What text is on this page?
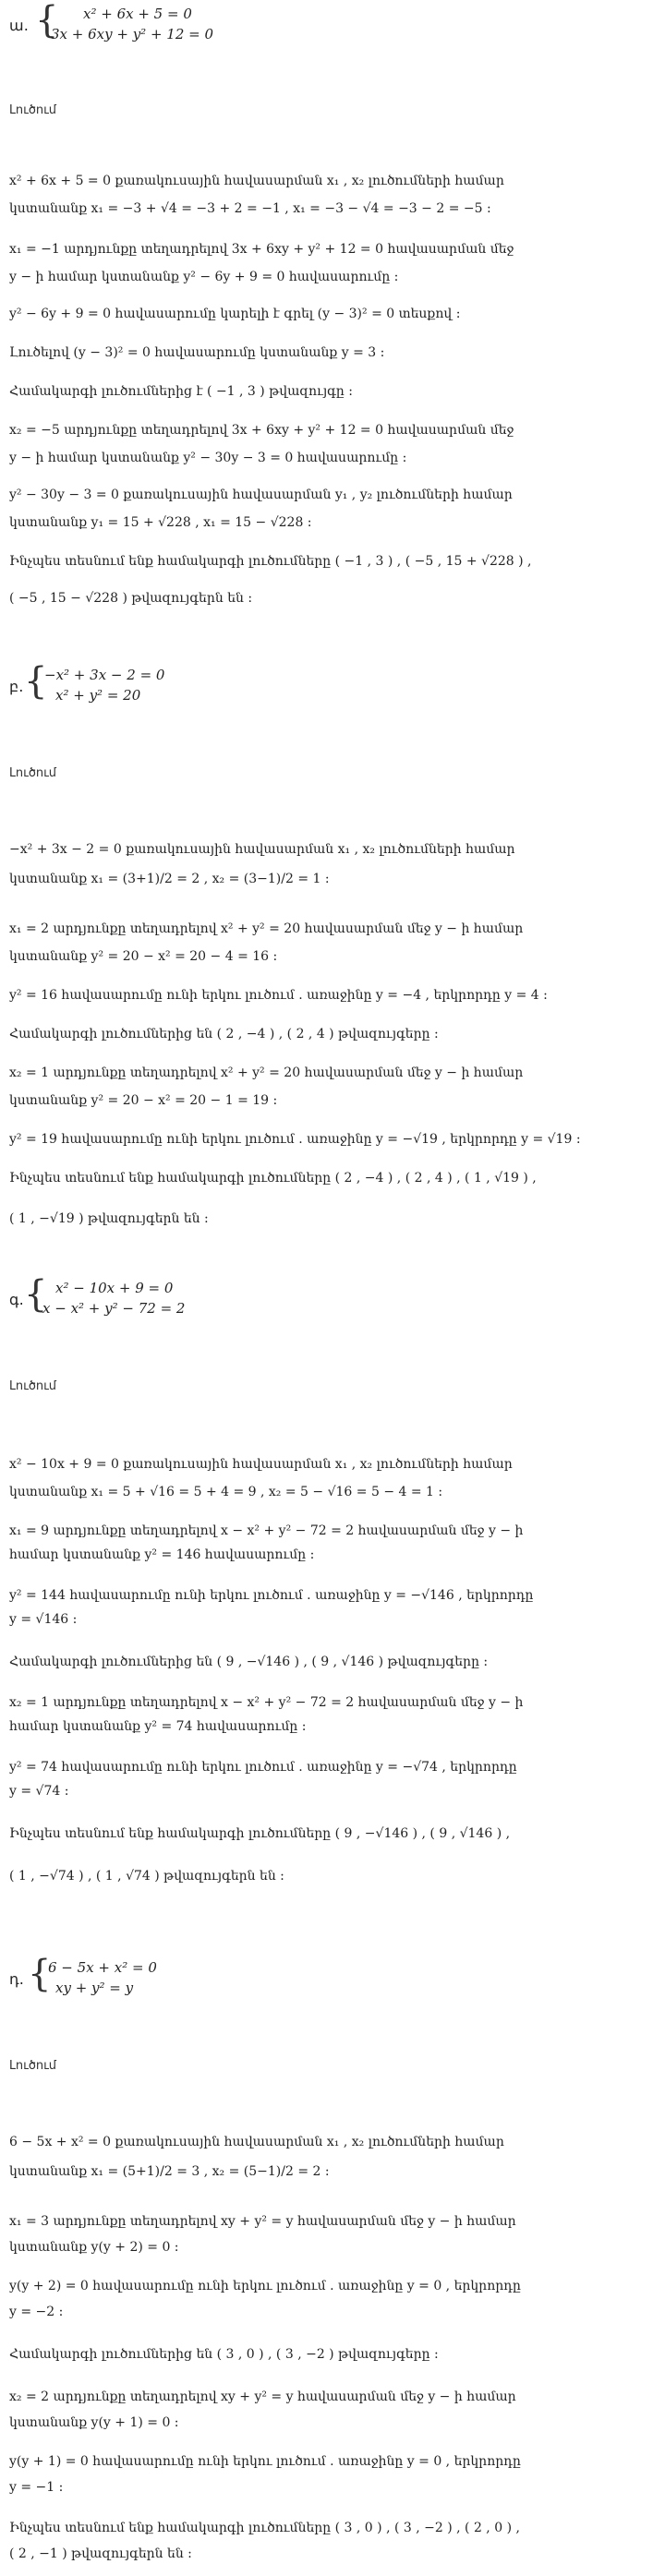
ա․ { x² + 6x + 5 = 0
3x + 6xy + y² + 12 = 0
Լուծում
x² + 6x + 5 = 0 քառակուսային հավասարման x₁ , x₂ լուծումների համար
կստանանք x₁ = −3 + √4 = −3 + 2 = −1 , x₁ = −3 − √4 = −3 − 2 = −5 :
x₁ = −1 արդյունքը տեղադրելով 3x + 6xy + y² + 12 = 0 հավասարման մեջ
y − ի համար կստանանք y² − 6y + 9 = 0 հավասարումը :
y² − 6y + 9 = 0 հավասարումը կարելի է գրել (y − 3)² = 0 տեսքով :
Լուծելով (y − 3)² = 0 հավասարումը կստանանք y = 3 :
Համակարգի լուծումներից է ( −1 , 3 ) թվազույգը :
x₂ = −5 արդյունքը տեղադրելով 3x + 6xy + y² + 12 = 0 հավասարման մեջ
y − ի համար կստանանք y² − 30y − 3 = 0 հավասարումը :
y² − 30y − 3 = 0 քառակուսային հավասարման y₁ , y₂ լուծումների համար
կստանանք y₁ = 15 + √228 , x₁ = 15 − √228 :
Ինչպես տեսնում ենք համակարգի լուծումները ( −1 , 3 ) , ( −5 , 15 + √228 ) ,
( −5 , 15 − √228 ) թվազույգերն են :
բ․ {
−x² + 3x − 2 = 0
x² + y² = 20
Լուծում
−x² + 3x − 2 = 0 քառակուսային հավասարման x₁ , x₂ լուծումների համար
կստանանք x₁ = (3+1)/2 = 2 , x₂ = (3−1)/2 = 1 :
x₁ = 2 արդյունքը տեղադրելով x² + y² = 20 հավասարման մեջ y − ի համար
կստանանք y² = 20 − x² = 20 − 4 = 16 :
y² = 16 հավասարումը ունի երկու լուծում . առաջինը y = −4 , երկրորդը y = 4 :
Համակարգի լուծումներից են ( 2 , −4 ) , ( 2 , 4 ) թվազույգերը :
x₂ = 1 արդյունքը տեղադրելով x² + y² = 20 հավասարման մեջ y − ի համար
կստանանք y² = 20 − x² = 20 − 1 = 19 :
y² = 19 հավասարումը ունի երկու լուծում . առաջինը y = −√19 , երկրորդը y = √19 :
Ինչպես տեսնում ենք համակարգի լուծումները ( 2 , −4 ) , ( 2 , 4 ) , ( 1 , √19 ) ,
( 1 , −√19 ) թվազույգերն են :
գ․ { x² − 10x + 9 = 0
x − x² + y² − 72 = 2
Լուծում
x² − 10x + 9 = 0 քառակուսային հավասարման x₁ , x₂ լուծումների համար
կստանանք x₁ = 5 + √16 = 5 + 4 = 9 , x₂ = 5 − √16 = 5 − 4 = 1 :
x₁ = 9 արդյունքը տեղադրելով x − x² + y² − 72 = 2 հավասարման մեջ y − ի
համար կստանանք y² = 146 հավասարումը :
y² = 144 հավասարումը ունի երկու լուծում . առաջինը y = −√146 , երկրորդը
y = √146 :
Համակարգի լուծումներից են ( 9 , −√146 ) , ( 9 , √146 ) թվազույգերը :
x₂ = 1 արդյունքը տեղադրելով x − x² + y² − 72 = 2 հավասարման մեջ y − ի
համար կստանանք y² = 74 հավասարումը :
y² = 74 հավասարումը ունի երկու լուծում . առաջինը y = −√74 , երկրորդը
y = √74 :
Ինչպես տեսնում ենք համակարգի լուծումները ( 9 , −√146 ) , ( 9 , √146 ) ,
( 1 , −√74 ) , ( 1 , √74 ) թվազույգերն են :
դ․ {
6 − 5x + x² = 0
xy + y² = y
Լուծում
6 − 5x + x² = 0 քառակուսային հավասարման x₁ , x₂ լուծումների համար
կստանանք x₁ = (5+1)/2 = 3 , x₂ = (5−1)/2 = 2 :
x₁ = 3 արդյունքը տեղադրելով xy + y² = y հավասարման մեջ y − ի համար
կստանանք y(y + 2) = 0 :
y(y + 2) = 0 հավասարումը ունի երկու լուծում . առաջինը y = 0 , երկրորդը
y = −2 :
Համակարգի լուծումներից են ( 3 , 0 ) , ( 3 , −2 ) թվազույգերը :
x₂ = 2 արդյունքը տեղադրելով xy + y² = y հավասարման մեջ y − ի համար
կստանանք y(y + 1) = 0 :
y(y + 1) = 0 հավասարումը ունի երկու լուծում . առաջինը y = 0 , երկրորդը
y = −1 :
Ինչպես տեսնում ենք համակարգի լուծումները ( 3 , 0 ) , ( 3 , −2 ) , ( 2 , 0 ) ,
( 2 , −1 ) թվազույգերն են :
